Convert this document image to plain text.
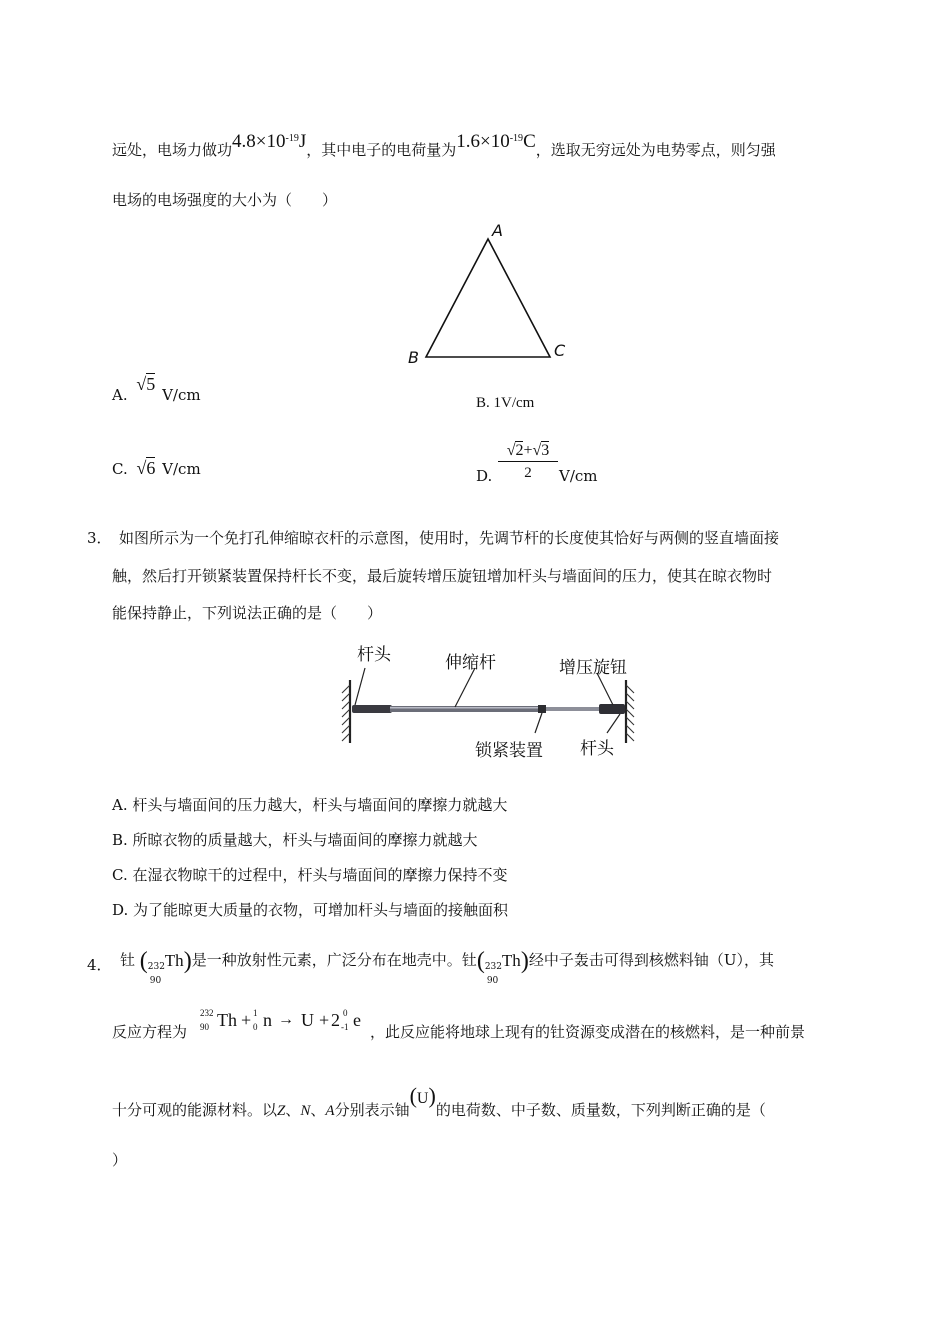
远处，电场力做功$4.8\times 10^{-19}J$，其中电子的电荷量为$1.6\times 10^{-19}C$，选取无穷远处为电势零点，则匀强
电场的电场强度的大小为（　　）
A
B	C
A. √5 V/cm	B. 1V/cm
C. √6 V/cm	D. $\frac{√2+√3}{2} V/cm$
3． 如图所示为一个免打孔伸缩晾衣杆的示意图，使用时，先调节杆的长度使其恰好与两侧的竖直墙面接
触，然后打开锁紧装置保持杆长不变，最后旋转增压旋钮增加杆头与墙面间的压力，使其在晾衣物时
能保持静止，下列说法正确的是（　　）
杆头	伸缩杆	增压旋钮
锁紧装置 杆头
A. 杆头与墙面间的压力越大，杆头与墙面间的摩擦力就越大
B. 所晾衣物的质量越大，杆头与墙面间的摩擦力就越大
C. 在湿衣物晾干的过程中，杆头与墙面间的摩擦力保持不变
D. 为了能晾更大质量的衣物，可增加杆头与墙面的接触面积
4． 钍 ( 232
90
Th )是一种放射性元素，广泛分布在地壳中。钍( 232
90
Th )经中子轰击可得到核燃料铀（U），其
反应方程为
232
90 Th + 1
0 n → U + 2 0
-1 e
，此反应能将地球上现有的钍资源变成潜在的核燃料，是一种前景
十分可观的能源材料。以Z、N、A分别表示铀(U)的电荷数、中子数、质量数，下列判断正确的是（
）
